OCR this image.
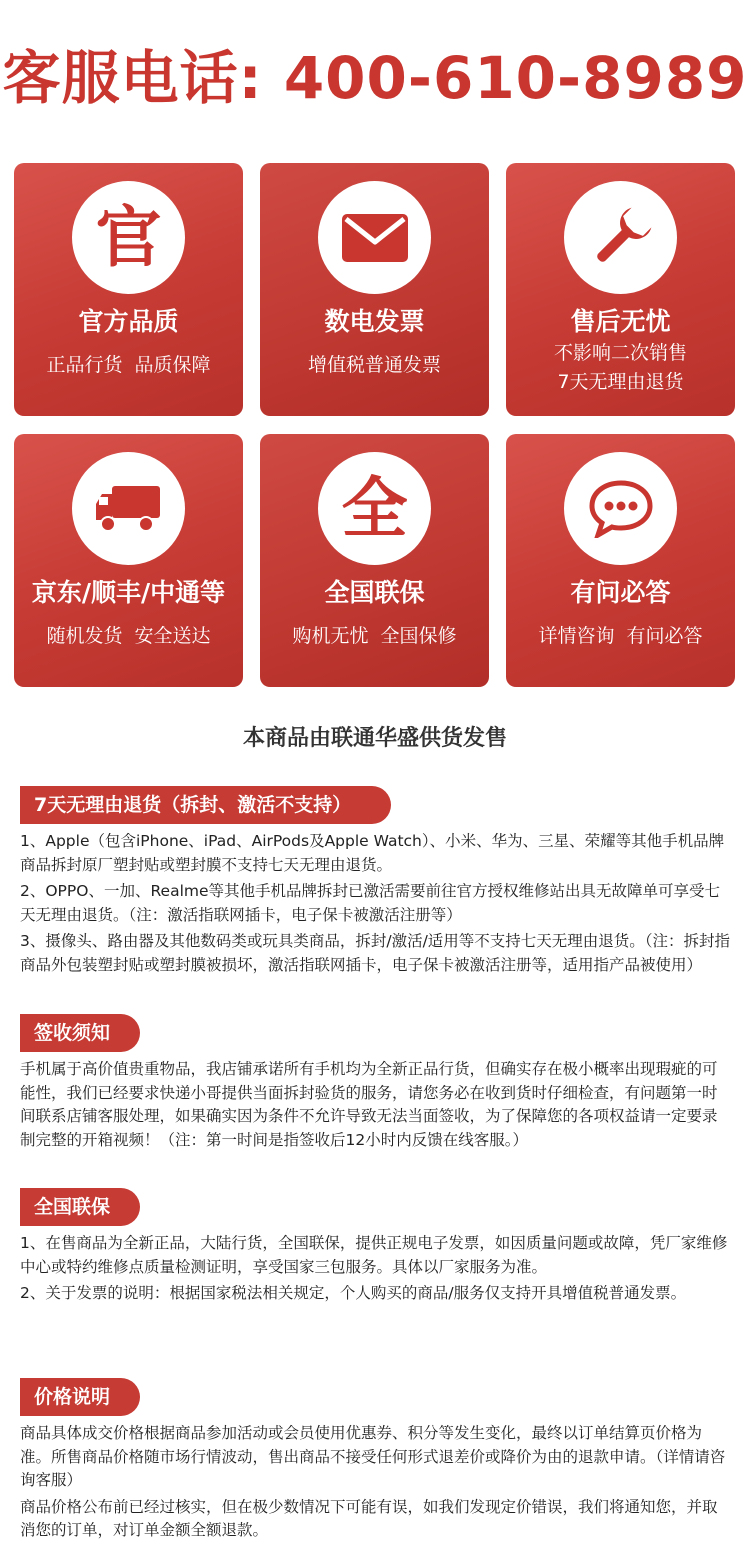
客服电话: 400-610-8989
官
官方品质
正品行货  品质保障
数电发票
增值税普通发票
售后无忧
不影响二次销售
7天无理由退货
京东/顺丰/中通等
随机发货  安全送达
全
全国联保
购机无忧  全国保修
有问必答
详情咨询  有问必答
本商品由联通华盛供货发售
7天无理由退货（拆封、激活不支持）

1、Apple（包含iPhone、iPad、AirPods及Apple Watch）、小米、华为、三星、荣耀等其他手机品牌商品拆封原厂塑封贴或塑封膜不支持七天无理由退货。

2、OPPO、一加、Realme等其他手机品牌拆封已激活需要前往官方授权维修站出具无故障单可享受七天无理由退货。（注：激活指联网插卡，电子保卡被激活注册等）

3、摄像头、路由器及其他数码类或玩具类商品，拆封/激活/适用等不支持七天无理由退货。（注：拆封指商品外包装塑封贴或塑封膜被损坏，激活指联网插卡，电子保卡被激活注册等，适用指产品被使用）

签收须知

手机属于高价值贵重物品，我店铺承诺所有手机均为全新正品行货，但确实存在极小概率出现瑕疵的可能性，我们已经要求快递小哥提供当面拆封验货的服务，请您务必在收到货时仔细检查，有问题第一时间联系店铺客服处理，如果确实因为条件不允许导致无法当面签收，为了保障您的各项权益请一定要录制完整的开箱视频！（注：第一时间是指签收后12小时内反馈在线客服。）

全国联保

1、在售商品为全新正品，大陆行货，全国联保，提供正规电子发票，如因质量问题或故障，凭厂家维修中心或特约维修点质量检测证明，享受国家三包服务。具体以厂家服务为准。

2、关于发票的说明：根据国家税法相关规定，个人购买的商品/服务仅支持开具增值税普通发票。

价格说明

商品具体成交价格根据商品参加活动或会员使用优惠券、积分等发生变化，最终以订单结算页价格为准。所售商品价格随市场行情波动，售出商品不接受任何形式退差价或降价为由的退款申请。（详情请咨询客服）

商品价格公布前已经过核实，但在极少数情况下可能有误，如我们发现定价错误，我们将通知您，并取消您的订单，对订单金额全额退款。
